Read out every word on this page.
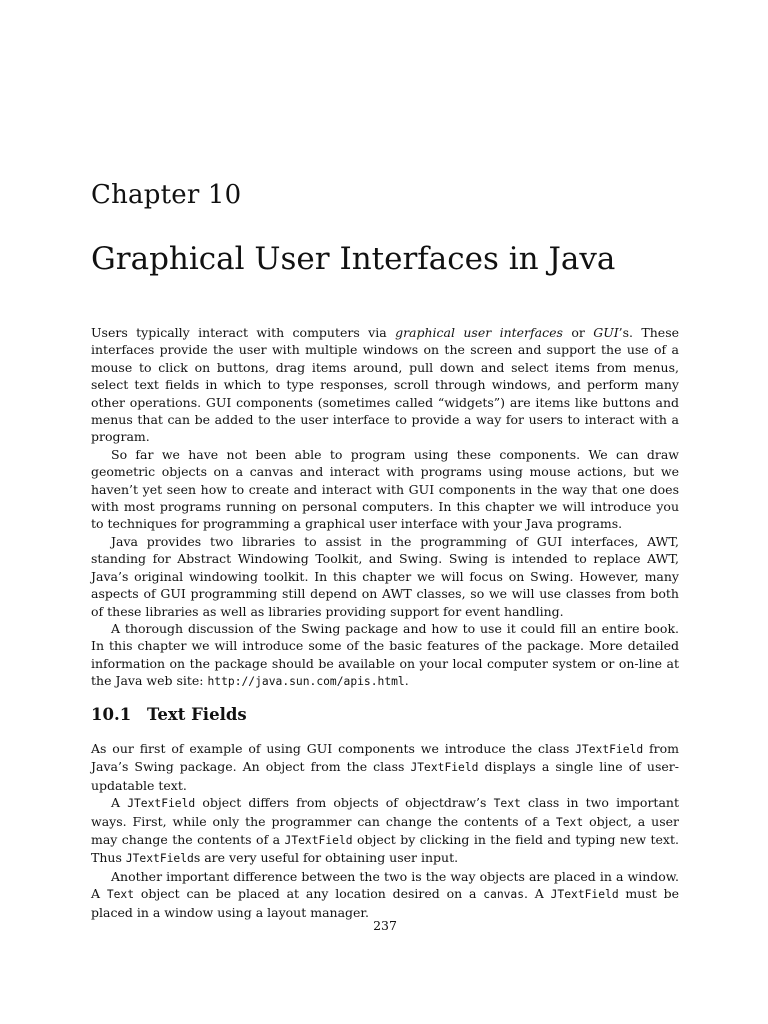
Chapter 10
Graphical User Interfaces in Java

Users typically interact with computers via graphical user interfaces or GUI’s. These interfaces provide the user with multiple windows on the screen and support the use of a mouse to click on buttons, drag items around, pull down and select items from menus, select text fields in which to type responses, scroll through windows, and perform many other operations. GUI components (sometimes called “widgets”) are items like buttons and menus that can be added to the user interface to provide a way for users to interact with a program.

So far we have not been able to program using these components. We can draw geometric objects on a canvas and interact with programs using mouse actions, but we haven’t yet seen how to create and interact with GUI components in the way that one does with most programs running on personal computers. In this chapter we will introduce you to techniques for programming a graphical user interface with your Java programs.

Java provides two libraries to assist in the programming of GUI interfaces, AWT, standing for Abstract Windowing Toolkit, and Swing. Swing is intended to replace AWT, Java’s original windowing toolkit. In this chapter we will focus on Swing. However, many aspects of GUI programming still depend on AWT classes, so we will use classes from both of these libraries as well as libraries providing support for event handling.

A thorough discussion of the Swing package and how to use it could fill an entire book. In this chapter we will introduce some of the basic features of the package. More detailed information on the package should be available on your local computer system or on-line at the Java web site: http://java.sun.com/apis.html.

10.1 Text Fields

As our first of example of using GUI components we introduce the class JTextField from Java’s Swing package. An object from the class JTextField displays a single line of user-updatable text.

A JTextField object differs from objects of objectdraw’s Text class in two important ways. First, while only the programmer can change the contents of a Text object, a user may change the contents of a JTextField object by clicking in the field and typing new text. Thus JTextFields are very useful for obtaining user input.

Another important difference between the two is the way objects are placed in a window. A Text object can be placed at any location desired on a canvas. A JTextField must be placed in a window using a layout manager.

237
